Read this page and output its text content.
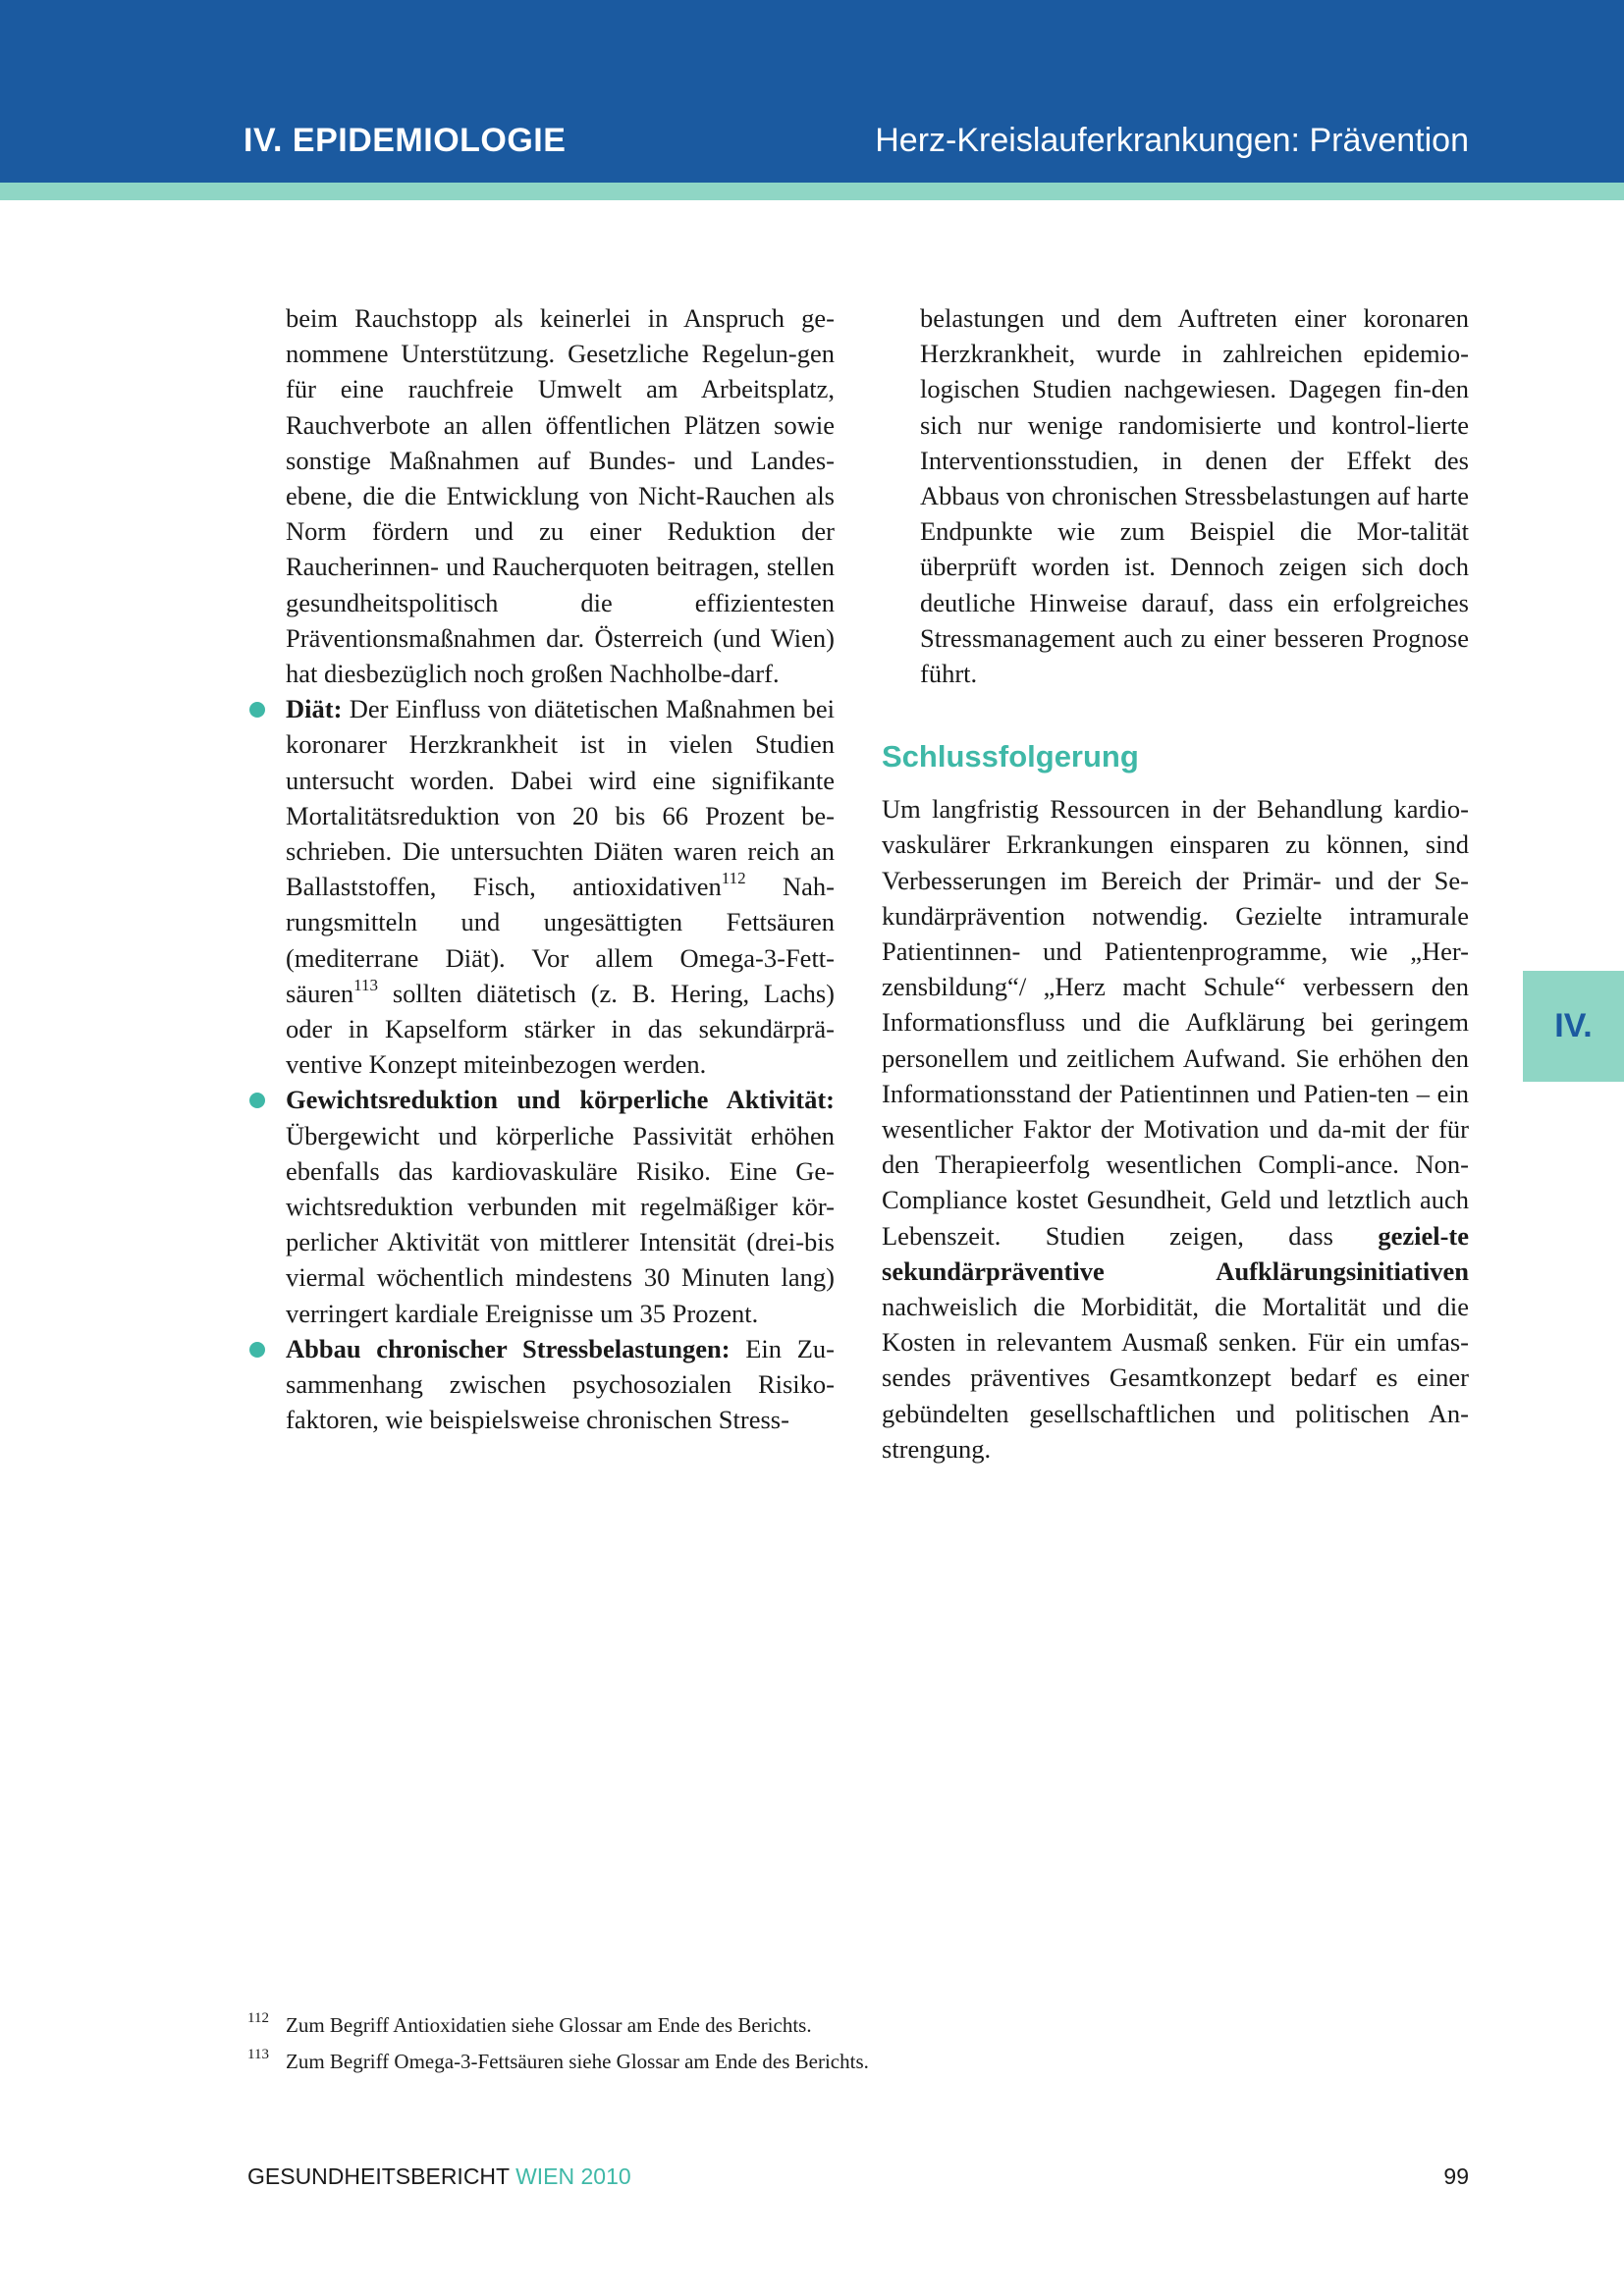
IV. EPIDEMIOLOGIE	Herz-Kreislauferkrankungen: Prävention
IV.

beim Rauchstopp als keinerlei in Anspruch ge-nommene Unterstützung. Gesetzliche Regelun-gen für eine rauchfreie Umwelt am Arbeitsplatz, Rauchverbote an allen öffentlichen Plätzen sowie sonstige Maßnahmen auf Bundes- und Landes-ebene, die die Entwicklung von Nicht-Rauchen als Norm fördern und zu einer Reduktion der Raucherinnen- und Raucherquoten beitragen, stellen gesundheitspolitisch die effizientesten Präventionsmaßnahmen dar. Österreich (und Wien) hat diesbezüglich noch großen Nachholbe-darf.

Diät: Der Einfluss von diätetischen Maßnahmen bei koronarer Herzkrankheit ist in vielen Studien untersucht worden. Dabei wird eine signifikante Mortalitätsreduktion von 20 bis 66 Prozent be-schrieben. Die untersuchten Diäten waren reich an Ballaststoffen, Fisch, antioxidativen$^{112}$ Nah-rungsmitteln und ungesättigten Fettsäuren (mediterrane Diät). Vor allem Omega-3-Fett-säuren$^{113}$ sollten diätetisch (z. B. Hering, Lachs) oder in Kapselform stärker in das sekundärprä-ventive Konzept miteinbezogen werden.

Gewichtsreduktion und körperliche Aktivität: Übergewicht und körperliche Passivität erhöhen ebenfalls das kardiovaskuläre Risiko. Eine Ge-wichtsreduktion verbunden mit regelmäßiger kör-perlicher Aktivität von mittlerer Intensität (drei-bis viermal wöchentlich mindestens 30 Minuten lang) verringert kardiale Ereignisse um 35 Prozent.

Abbau chronischer Stressbelastungen: Ein Zu-sammenhang zwischen psychosozialen Risiko-faktoren, wie beispielsweise chronischen Stress-

belastungen und dem Auftreten einer koronaren Herzkrankheit, wurde in zahlreichen epidemio-logischen Studien nachgewiesen. Dagegen fin-den sich nur wenige randomisierte und kontrol-lierte Interventionsstudien, in denen der Effekt des Abbaus von chronischen Stressbelastungen auf harte Endpunkte wie zum Beispiel die Mor-talität überprüft worden ist. Dennoch zeigen sich doch deutliche Hinweise darauf, dass ein erfolgreiches Stressmanagement auch zu einer besseren Prognose führt.

Schlussfolgerung

Um langfristig Ressourcen in der Behandlung kardio-vaskulärer Erkrankungen einsparen zu können, sind Verbesserungen im Bereich der Primär- und der Se-kundärprävention notwendig. Gezielte intramurale Patientinnen- und Patientenprogramme, wie „Her-zensbildung“/ „Herz macht Schule“ verbessern den Informationsfluss und die Aufklärung bei geringem personellem und zeitlichem Aufwand. Sie erhöhen den Informationsstand der Patientinnen und Patien-ten – ein wesentlicher Faktor der Motivation und da-mit der für den Therapieerfolg wesentlichen Compli-ance. Non-Compliance kostet Gesundheit, Geld und letztlich auch Lebenszeit. Studien zeigen, dass geziel-te sekundärpräventive Aufklärungsinitiativen nachweislich die Morbidität, die Mortalität und die Kosten in relevantem Ausmaß senken. Für ein umfas-sendes präventives Gesamtkonzept bedarf es einer gebündelten gesellschaftlichen und politischen An-strengung.

112 Zum Begriff Antioxidatien siehe Glossar am Ende des Berichts.
113 Zum Begriff Omega-3-Fettsäuren siehe Glossar am Ende des Berichts.
GESUNDHEITSBERICHT WIEN 2010	99
